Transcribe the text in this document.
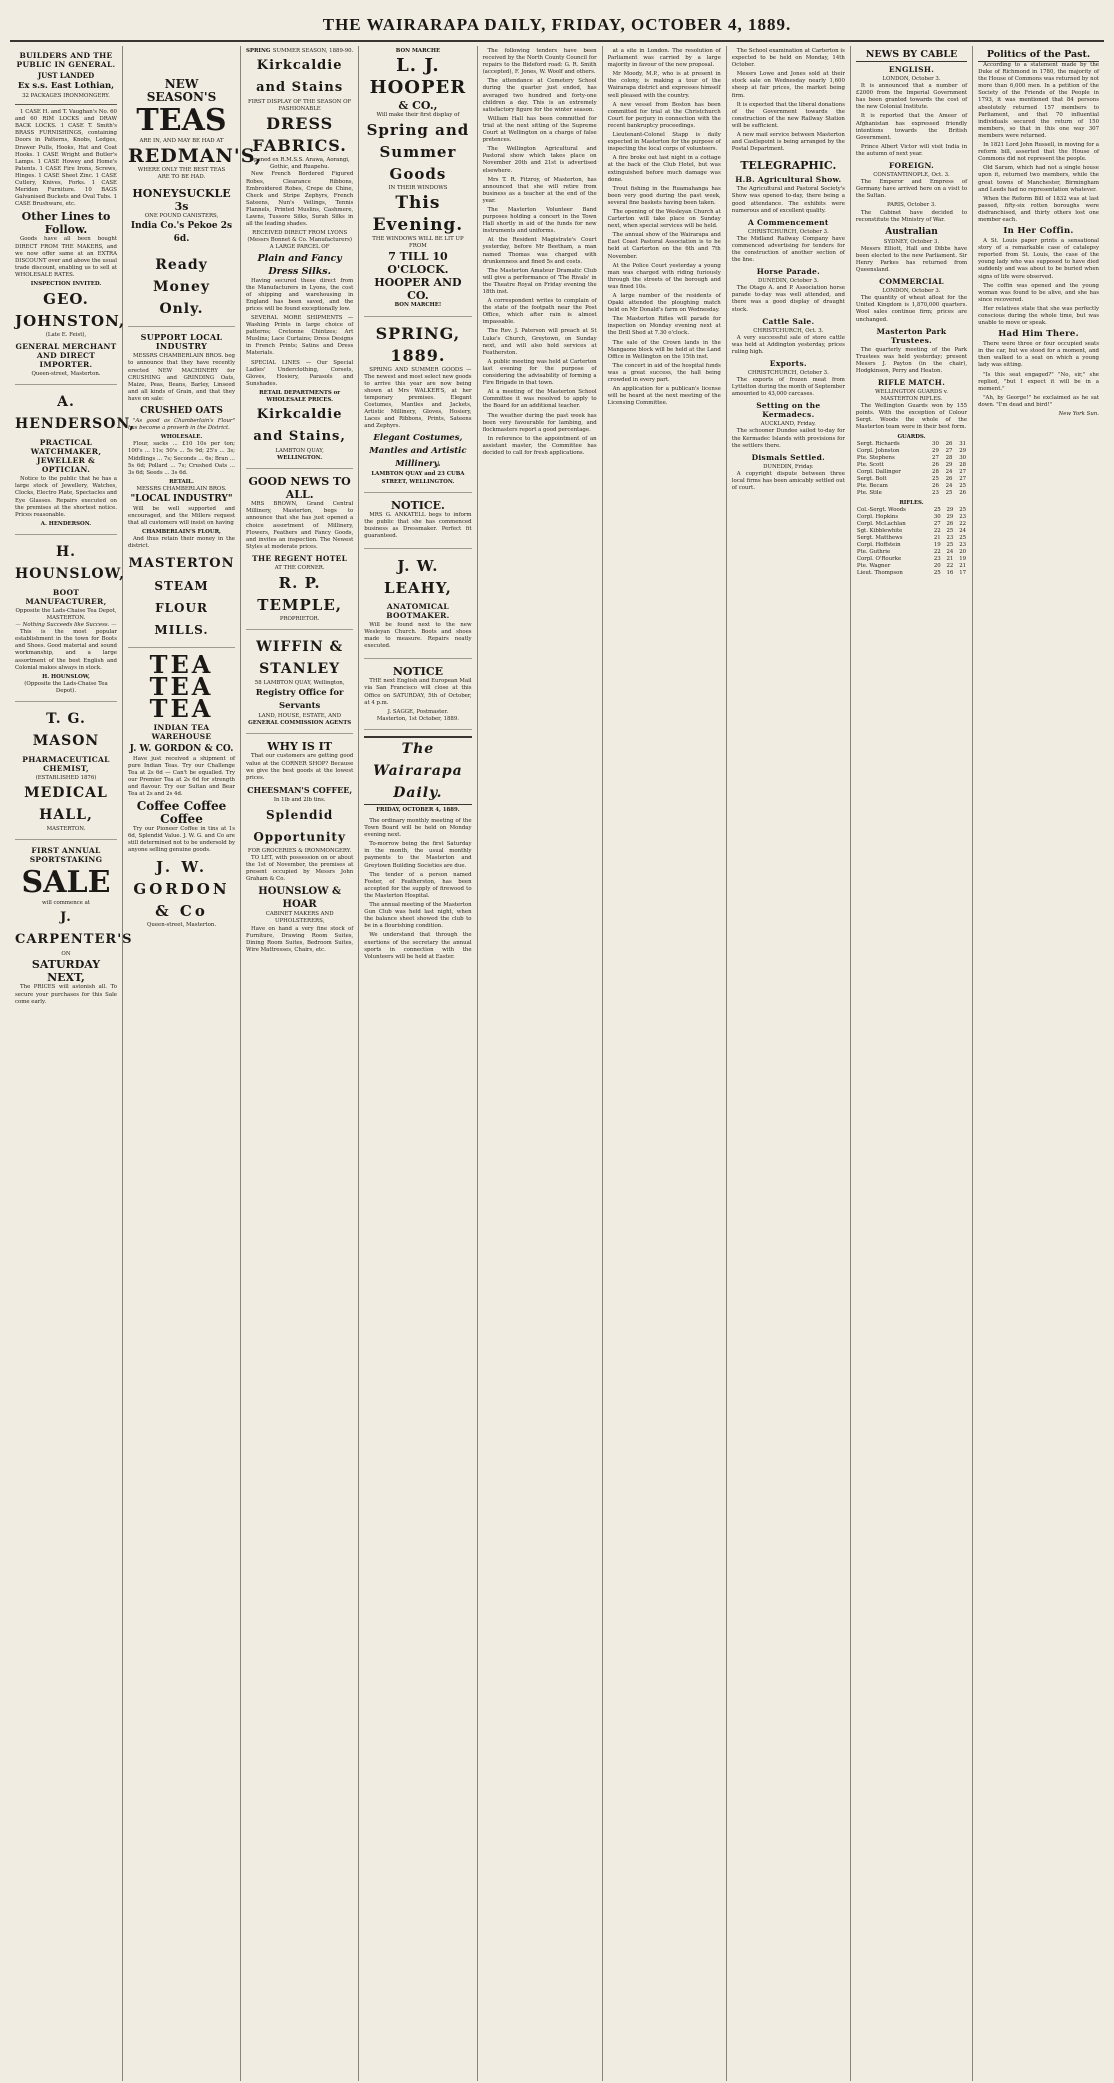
THE WAIRARAPA DAILY, FRIDAY, OCTOBER 4, 1889.
BUILDERS AND THE PUBLIC IN GENERAL.
JUST LANDED
Ex s.s. East Lothian,
32 PACKAGES IRONMONGERY.
1 CASE H. and T. Vaughan's No. 60 and 60 RIM LOCKS and DRAW BACK LOCKS. 1 CASE T. Smith's BRASS FURNISHINGS, containing Doors in Patterns, Knobs, Ledges, Drawer Pulls, Hooks, Hat and Coat Hooks. 1 CASE Wright and Butler's Lamps. 1 CASE Howey and Home's Patents. 1 CASE Fire Irons, Screws, Hinges. 1 CASE Sheet Zinc. 1 CASE Cutlery, Knives, Forks. 1 CASE Meriden Furniture. 10 BAGS Galvanised Buckets and Oval Tubs. 1 CASE Brushware, etc.
Other Lines to Follow.
Goods have all been bought DIRECT FROM THE MAKERS, and we now offer same at an EXTRA DISCOUNT over and above the usual trade discount, enabling us to sell at WHOLESALE RATES.
INSPECTION INVITED.
GEO. JOHNSTON,
(Late E. Feist),
GENERAL MERCHANT AND DIRECT IMPORTER.
Queen-street, Masterton.
A. HENDERSON,
PRACTICAL WATCHMAKER, JEWELLER & OPTICIAN.
Notice to the public that he has a large stock of Jewellery, Watches, Clocks, Electro Plate, Spectacles and Eye Glasses. Repairs executed on the premises at the shortest notice. Prices reasonable.
A. HENDERSON.
H. HOUNSLOW,
BOOT MANUFACTURER,
Opposite the Lads-Chaise Tea Depot, MASTERTON.
— Nothing Succeeds like Success. —
This is the most popular establishment in the town for Boots and Shoes. Good material and sound workmanship, and a large assortment of the best English and Colonial makes always in stock.
H. HOUNSLOW,
(Opposite the Lads-Chaise Tea Depot).
T. G. MASON
PHARMACEUTICAL CHEMIST,
(ESTABLISHED 1876)
MEDICAL HALL,
MASTERTON.
FIRST ANNUAL SPORTSTAKING
SALE
will commence at
J. CARPENTER'S
ON
SATURDAY NEXT,
The PRICES will astonish all. To secure your purchases for this Sale come early.
NEW SEASON'S
TEAS
ARE IN, AND MAY BE HAD AT
REDMAN'S,
WHERE ONLY THE BEST TEAS
ARE TO BE HAD.
HONEYSUCKLE 3s
ONE POUND CANISTERS,
India Co.'s Pekoe 2s 6d.
Ready Money Only.
SUPPORT LOCAL INDUSTRY
MESSRS CHAMBERLAIN BROS. beg to announce that they have recently erected NEW MACHINERY for CRUSHING and GRINDING Oats, Maize, Peas, Beans, Barley, Linseed and all kinds of Grain, and that they have on sale:
CRUSHED OATS
"As good as Chamberlain's Flour" has become a proverb in the District.
WHOLESALE.
Flour, sacks ... £10 10s per ton; 100's ... 11s; 50's ... 5s 9d; 25's ... 3s; Middlings ... 7s; Seconds ... 6s; Bran ... 5s 6d; Pollard ... 7s; Crushed Oats ... 3s 6d; Seeds ... 3s 6d.
RETAIL.
MESSRS CHAMBERLAIN BROS.
"LOCAL INDUSTRY"
Will be well supported and encouraged, and the Millers request that all customers will insist on having
CHAMBERLAIN'S FLOUR,
And thus retain their money in the district.
MASTERTON
STEAM FLOUR MILLS.
TEA TEA TEA
INDIAN TEA WAREHOUSE
J. W. GORDON & CO.
Have just received a shipment of pure Indian Teas. Try our Challenge Tea at 2s 6d — Can't be equalled. Try our Premier Tea at 2s 6d for strength and flavour. Try our Sultan and Bear Tea at 2s and 2s 4d.
Coffee Coffee Coffee
Try our Pioneer Coffee in tins at 1s 6d, Splendid Value. J. W. G. and Co are still determined not to be undersold by anyone selling genuine goods.
J. W. GORDON & Co
Queen-street, Masterton.
SPRING SUMMER SEASON, 1889-90.
Kirkcaldie and Stains
FIRST DISPLAY OF THE SEASON OF FASHIONABLE
DRESS FABRICS.
Opened ex R.M.S.S. Arawa, Aorangi, Gothic, and Ruapehu.
New French Bordered Figured Robes, Clearance Ribbons, Embroidered Robes, Crepe de Chine, Check and Stripe Zephyrs, French Sateens, Nun's Veilings, Tennis Flannels, Printed Muslins, Cashmere, Lawns, Tussore Silks, Surah Silks in all the leading shades.
RECEIVED DIRECT FROM LYONS (Messrs Bonnet & Co. Manufacturers) A LARGE PARCEL OF
Plain and Fancy Dress Silks.
Having secured these direct from the Manufacturers in Lyons, the cost of shipping and warehousing in England has been saved, and the prices will be found exceptionally low.
SEVERAL MORE SHIPMENTS — Washing Prints in large choice of patterns; Cretonne Chintzes; Art Muslins; Lace Curtains; Dress Designs in French Prints; Satins and Dress Materials.
SPECIAL LINES — Our Special Ladies' Underclothing, Corsets, Gloves, Hosiery, Parasols and Sunshades.
RETAIL DEPARTMENTS or WHOLESALE PRICES.
Kirkcaldie and Stains,
LAMBTON QUAY,
WELLINGTON.
GOOD NEWS TO ALL.
MRS BROWN, Grand Central Millinery, Masterton, begs to announce that she has just opened a choice assortment of Millinery, Flowers, Feathers and Fancy Goods, and invites an inspection. The Newest Styles at moderate prices.
THE REGENT HOTEL
AT THE CORNER.
R. P. TEMPLE,
PROPRIETOR.
WIFFIN & STANLEY
58 LAMBTON QUAY, Wellington,
Registry Office for Servants
LAND, HOUSE, ESTATE, AND
GENERAL COMMISSION AGENTS
WHY IS IT
That our customers are getting good value at the CORNER SHOP? Because we give the best goods at the lowest prices.
CHEESMAN'S COFFEE,
In 1lb and 2lb tins.
Splendid Opportunity
FOR GROCERIES & IRONMONGERY.
TO LET, with possession on or about the 1st of November, the premises at present occupied by Messrs John Graham & Co.
HOUNSLOW & HOAR
CABINET MAKERS AND UPHOLSTERERS,
Have on hand a very fine stock of Furniture, Drawing Room Suites, Dining Room Suites, Bedroom Suites, Wire Mattresses, Chairs, etc.
BON MARCHE
L. J. HOOPER
& CO.,
Will make their first display of
Spring and Summer
Goods
IN THEIR WINDOWS
This Evening.
THE WINDOWS WILL BE LIT UP FROM
7 TILL 10 O'CLOCK.
HOOPER AND CO.
BON MARCHE!
SPRING, 1889.
SPRING AND SUMMER GOODS — The newest and most select new goods to arrive this year are now being shown at Mrs WALKER'S, at her temporary premises. Elegant Costumes, Mantles and Jackets, Artistic Millinery, Gloves, Hosiery, Laces and Ribbons, Prints, Sateens and Zephyrs.
Elegant Costumes, Mantles and Artistic Millinery.
LAMBTON QUAY and 23 CUBA STREET, WELLINGTON.
NOTICE.
MRS G. ANKATELL begs to inform the public that she has commenced business as Dressmaker. Perfect fit guaranteed.
J. W. LEAHY,
ANATOMICAL BOOTMAKER.
Will be found next to the new Wesleyan Church. Boots and shoes made to measure. Repairs neatly executed.
NOTICE
THE next English and European Mail via San Francisco will close at this Office on SATURDAY, 5th of October, at 4 p.m.
J. SAGGE, Postmaster.
Masterton, 1st October, 1889.
The Wairarapa Daily.
FRIDAY, OCTOBER 4, 1889.
The ordinary monthly meeting of the Town Board will be held on Monday evening next.
To-morrow being the first Saturday in the month, the usual monthly payments to the Masterton and Greytown Building Societies are due.
The tender of a person named Foster, of Featherston, has been accepted for the supply of firewood to the Masterton Hospital.
The annual meeting of the Masterton Gun Club was held last night, when the balance sheet showed the club to be in a flourishing condition.
We understand that through the exertions of the secretary the annual sports in connection with the Volunteers will be held at Easter.
The following tenders have been received by the North County Council for repairs to the Bideford road: G. R. Smith (accepted), F. Jones, W. Woolf and others.
The attendance at Cemetery School during the quarter just ended, has averaged two hundred and forty-one children a day. This is an extremely satisfactory figure for the winter season.
William Hall has been committed for trial at the next sitting of the Supreme Court at Wellington on a charge of false pretences.
The Wellington Agricultural and Pastoral show which takes place on November 20th and 21st is advertised elsewhere.
Mrs T. R. Fitzroy, of Masterton, has announced that she will retire from business as a teacher at the end of the year.
The Masterton Volunteer Band purposes holding a concert in the Town Hall shortly in aid of the funds for new instruments and uniforms.
At the Resident Magistrate's Court yesterday, before Mr Beetham, a man named Thomas was charged with drunkenness and fined 5s and costs.
The Masterton Amateur Dramatic Club will give a performance of 'The Rivals' in the Theatre Royal on Friday evening the 18th inst.
A correspondent writes to complain of the state of the footpath near the Post Office, which after rain is almost impassable.
The Rev. J. Paterson will preach at St Luke's Church, Greytown, on Sunday next, and will also hold services at Featherston.
A public meeting was held at Carterton last evening for the purpose of considering the advisability of forming a Fire Brigade in that town.
At a meeting of the Masterton School Committee it was resolved to apply to the Board for an additional teacher.
The weather during the past week has been very favourable for lambing, and flockmasters report a good percentage.
In reference to the appointment of an assistant master, the Committee has decided to call for fresh applications.
at a site in London. The resolution of Parliament was carried by a large majority in favour of the new proposal.
Mr Moody, M.P., who is at present in the colony, is making a tour of the Wairarapa district and expresses himself well pleased with the country.
A new vessel from Boston has been committed for trial at the Christchurch Court for perjury in connection with the recent bankruptcy proceedings.
Lieutenant-Colonel Stapp is daily expected in Masterton for the purpose of inspecting the local corps of volunteers.
A fire broke out last night in a cottage at the back of the Club Hotel, but was extinguished before much damage was done.
Trout fishing in the Ruamahanga has been very good during the past week, several fine baskets having been taken.
The opening of the Wesleyan Church at Carterton will take place on Sunday next, when special services will be held.
The annual show of the Wairarapa and East Coast Pastoral Association is to be held at Carterton on the 6th and 7th November.
At the Police Court yesterday a young man was charged with riding furiously through the streets of the borough and was fined 10s.
A large number of the residents of Opaki attended the ploughing match held on Mr Donald's farm on Wednesday.
The Masterton Rifles will parade for inspection on Monday evening next at the Drill Shed at 7.30 o'clock.
The sale of the Crown lands in the Mangaone block will be held at the Land Office in Wellington on the 15th inst.
The concert in aid of the hospital funds was a great success, the hall being crowded in every part.
An application for a publican's license will be heard at the next meeting of the Licensing Committee.
The School examination at Carterton is expected to be held on Monday, 14th October.
Messrs Lowe and Jones sold at their stock sale on Wednesday nearly 1,600 sheep at fair prices, the market being firm.
It is expected that the liberal donations of the Government towards the construction of the new Railway Station will be sufficient.
A new mail service between Masterton and Castlepoint is being arranged by the Postal Department.
TELEGRAPHIC.
H.B. Agricultural Show.
The Agricultural and Pastoral Society's Show was opened to-day, there being a good attendance. The exhibits were numerous and of excellent quality.
A Commencement
CHRISTCHURCH, October 3.
The Midland Railway Company have commenced advertising for tenders for the construction of another section of the line.
Horse Parade.
DUNEDIN, October 3.
The Otago A. and P. Association horse parade to-day was well attended, and there was a good display of draught stock.
Cattle Sale.
CHRISTCHURCH, Oct. 3.
A very successful sale of store cattle was held at Addington yesterday, prices ruling high.
Exports.
CHRISTCHURCH, October 3.
The exports of frozen meat from Lyttelton during the month of September amounted to 43,000 carcases.
Setting on the Kermadecs.
AUCKLAND, Friday.
The schooner Dundee sailed to-day for the Kermadec Islands with provisions for the settlers there.
Dismals Settled.
DUNEDIN, Friday.
A copyright dispute between three local firms has been amicably settled out of court.
NEWS BY CABLE
ENGLISH.
LONDON, October 3.
It is announced that a number of £2000 from the Imperial Government has been granted towards the cost of the new Colonial Institute.
It is reported that the Ameer of Afghanistan has expressed friendly intentions towards the British Government.
Prince Albert Victor will visit India in the autumn of next year.
FOREIGN.
CONSTANTINOPLE, Oct. 3.
The Emperor and Empress of Germany have arrived here on a visit to the Sultan.
PARIS, October 3.
The Cabinet have decided to reconstitute the Ministry of War.
Australian
SYDNEY, October 3.
Messrs Elliott, Hall and Dibbs have been elected to the new Parliament. Sir Henry Parkes has returned from Queensland.
COMMERCIAL
LONDON, October 3.
The quantity of wheat afloat for the United Kingdom is 1,870,000 quarters. Wool sales continue firm; prices are unchanged.
Masterton Park Trustees.
The quarterly meeting of the Park Trustees was held yesterday; present Messrs J. Payton (in the chair), Hodgkinson, Perry and Heaton.
RIFLE MATCH.
WELLINGTON GUARDS v. MASTERTON RIFLES.
The Wellington Guards won by 155 points. With the exception of Colour Sergt. Woods the whole of the Masterton team were in their best form.
GUARDS.
Sergt. Richards	30	26	31
Corpl. Johnston	29	27	29
Pte. Stephens	27	28	30
Pte. Scott	26	29	28
Corpl. Dallinger	28	24	27
Sergt. Bolt	25	26	27
Pte. Becam	26	24	25
Pte. Stile	23	25	26
RIFLES.
Col.-Sergt. Woods	25	29	25
Corpl. Hopkins	30	29	23
Corpl. McLachlan	27	26	22
Sgt. Kibblewhite	22	25	24
Sergt. Matthews	21	23	25
Corpl. Hoffstein	19	25	23
Pte. Guthrie	22	24	20
Corpl. O'Rourke	23	21	19
Pte. Wagner	20	22	21
Lieut. Thompson	25	16	17
Politics of the Past.
According to a statement made by the Duke of Richmond in 1780, the majority of the House of Commons was returned by not more than 6,000 men. In a petition of the Society of the Friends of the People in 1793, it was mentioned that 84 persons absolutely returned 157 members to Parliament, and that 70 influential individuals secured the return of 150 members, so that in this one way 307 members were returned.
In 1821 Lord John Russell, in moving for a reform bill, asserted that the House of Commons did not represent the people.
Old Sarum, which had not a single house upon it, returned two members, while the great towns of Manchester, Birmingham and Leeds had no representation whatever.
When the Reform Bill of 1832 was at last passed, fifty-six rotten boroughs were disfranchised, and thirty others lost one member each.
In Her Coffin.
A St. Louis paper prints a sensational story of a remarkable case of catalepsy reported from St. Louis, the case of the young lady who was supposed to have died suddenly and was about to be buried when signs of life were observed.
The coffin was opened and the young woman was found to be alive, and she has since recovered.
Her relatives state that she was perfectly conscious during the whole time, but was unable to move or speak.
Had Him There.
There were three or four occupied seats in the car, but we stood for a moment, and then walked to a seat on which a young lady was sitting.
"Is this seat engaged?" "No, sir," she replied, "but I expect it will be in a moment."
"Ah, by George!" he exclaimed as he sat down. "I'm dead and bird!"
New York Sun.
